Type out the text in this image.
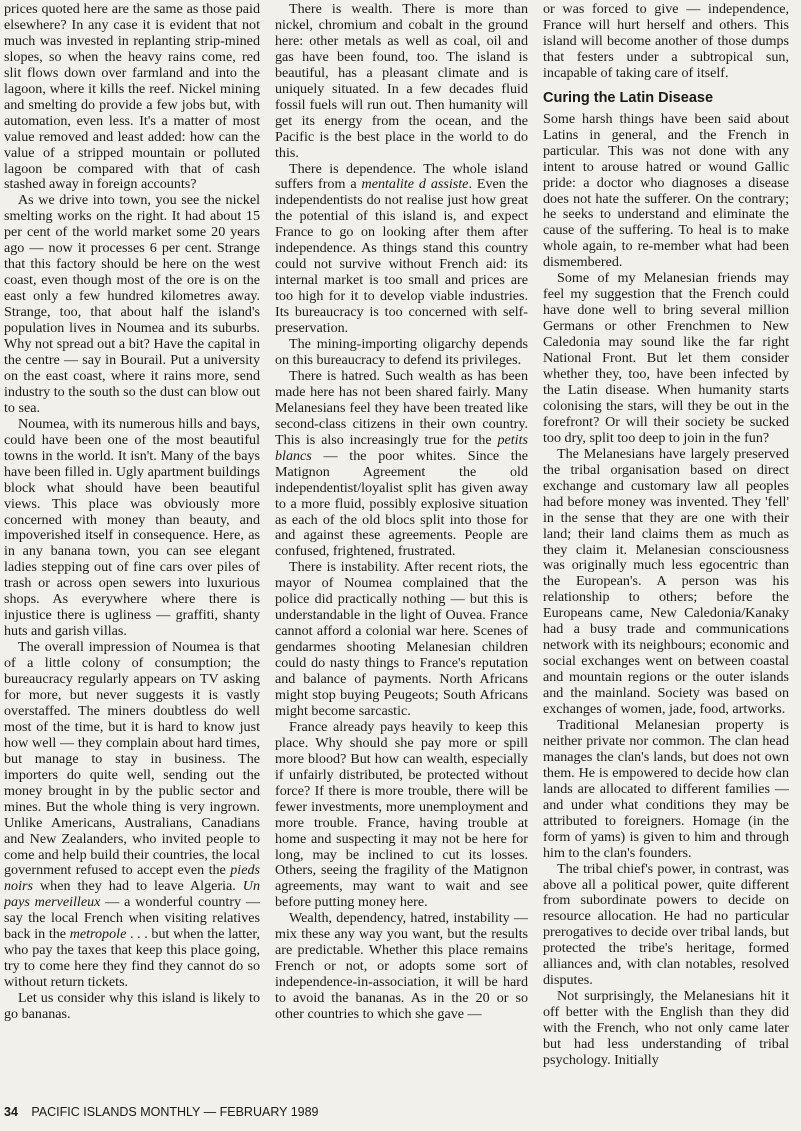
prices quoted here are the same as those paid elsewhere? In any case it is evident that not much was invested in replanting strip-mined slopes, so when the heavy rains come, red slit flows down over farmland and into the lagoon, where it kills the reef. Nickel mining and smelting do provide a few jobs but, with automation, even less. It's a matter of most value removed and least added: how can the value of a stripped mountain or polluted lagoon be compared with that of cash stashed away in foreign accounts?

As we drive into town, you see the nickel smelting works on the right. It had about 15 per cent of the world market some 20 years ago — now it processes 6 per cent. Strange that this factory should be here on the west coast, even though most of the ore is on the east only a few hundred kilometres away. Strange, too, that about half the island's population lives in Noumea and its suburbs. Why not spread out a bit? Have the capital in the centre — say in Bourail. Put a university on the east coast, where it rains more, send industry to the south so the dust can blow out to sea.

Noumea, with its numerous hills and bays, could have been one of the most beautiful towns in the world. It isn't. Many of the bays have been filled in. Ugly apartment buildings block what should have been beautiful views. This place was obviously more concerned with money than beauty, and impoverished itself in consequence. Here, as in any banana town, you can see elegant ladies stepping out of fine cars over piles of trash or across open sewers into luxurious shops. As everywhere where there is injustice there is ugliness — graffiti, shanty huts and garish villas.

The overall impression of Noumea is that of a little colony of consumption; the bureaucracy regularly appears on TV asking for more, but never suggests it is vastly overstaffed. The miners doubtless do well most of the time, but it is hard to know just how well — they complain about hard times, but manage to stay in business. The importers do quite well, sending out the money brought in by the public sector and mines. But the whole thing is very ingrown. Unlike Americans, Australians, Canadians and New Zealanders, who invited people to come and help build their countries, the local government refused to accept even the pieds noirs when they had to leave Algeria. Un pays merveilleux — a wonderful country — say the local French when visiting relatives back in the metropole . . . but when the latter, who pay the taxes that keep this place going, try to come here they find they cannot do so without return tickets.

Let us consider why this island is likely to go bananas.

There is wealth. There is more than nickel, chromium and cobalt in the ground here: other metals as well as coal, oil and gas have been found, too. The island is beautiful, has a pleasant climate and is uniquely situated. In a few decades fluid fossil fuels will run out. Then humanity will get its energy from the ocean, and the Pacific is the best place in the world to do this.

There is dependence. The whole island suffers from a mentalite d assiste. Even the independentists do not realise just how great the potential of this island is, and expect France to go on looking after them after independence. As things stand this country could not survive without French aid: its internal market is too small and prices are too high for it to develop viable industries. Its bureaucracy is too concerned with self-preservation.

The mining-importing oligarchy depends on this bureaucracy to defend its privileges.

There is hatred. Such wealth as has been made here has not been shared fairly. Many Melanesians feel they have been treated like second-class citizens in their own country. This is also increasingly true for the petits blancs — the poor whites. Since the Matignon Agreement the old independentist/loyalist split has given away to a more fluid, possibly explosive situation as each of the old blocs split into those for and against these agreements. People are confused, frightened, frustrated.

There is instability. After recent riots, the mayor of Noumea complained that the police did practically nothing — but this is understandable in the light of Ouvea. France cannot afford a colonial war here. Scenes of gendarmes shooting Melanesian children could do nasty things to France's reputation and balance of payments. North Africans might stop buying Peugeots; South Africans might become sarcastic.

France already pays heavily to keep this place. Why should she pay more or spill more blood? But how can wealth, especially if unfairly distributed, be protected without force? If there is more trouble, there will be fewer investments, more unemployment and more trouble. France, having trouble at home and suspecting it may not be here for long, may be inclined to cut its losses. Others, seeing the fragility of the Matignon agreements, may want to wait and see before putting money here.

Wealth, dependency, hatred, instability — mix these any way you want, but the results are predictable. Whether this place remains French or not, or adopts some sort of independence-in-association, it will be hard to avoid the bananas. As in the 20 or so other countries to which she gave —

or was forced to give — independence, France will hurt herself and others. This island will become another of those dumps that festers under a subtropical sun, incapable of taking care of itself.

Curing the Latin Disease

Some harsh things have been said about Latins in general, and the French in particular. This was not done with any intent to arouse hatred or wound Gallic pride: a doctor who diagnoses a disease does not hate the sufferer. On the contrary; he seeks to understand and eliminate the cause of the suffering. To heal is to make whole again, to re-member what had been dismembered.

Some of my Melanesian friends may feel my suggestion that the French could have done well to bring several million Germans or other Frenchmen to New Caledonia may sound like the far right National Front. But let them consider whether they, too, have been infected by the Latin disease. When humanity starts colonising the stars, will they be out in the forefront? Or will their society be sucked too dry, split too deep to join in the fun?

The Melanesians have largely preserved the tribal organisation based on direct exchange and customary law all peoples had before money was invented. They 'fell' in the sense that they are one with their land; their land claims them as much as they claim it. Melanesian consciousness was originally much less egocentric than the European's. A person was his relationship to others; before the Europeans came, New Caledonia/Kanaky had a busy trade and communications network with its neighbours; economic and social exchanges went on between coastal and mountain regions or the outer islands and the mainland. Society was based on exchanges of women, jade, food, artworks.

Traditional Melanesian property is neither private nor common. The clan head manages the clan's lands, but does not own them. He is empowered to decide how clan lands are allocated to different families — and under what conditions they may be attributed to foreigners. Homage (in the form of yams) is given to him and through him to the clan's founders.

The tribal chief's power, in contrast, was above all a political power, quite different from subordinate powers to decide on resource allocation. He had no particular prerogatives to decide over tribal lands, but protected the tribe's heritage, formed alliances and, with clan notables, resolved disputes.

Not surprisingly, the Melanesians hit it off better with the English than they did with the French, who not only came later but had less understanding of tribal psychology. Initially

34 PACIFIC ISLANDS MONTHLY — FEBRUARY 1989
